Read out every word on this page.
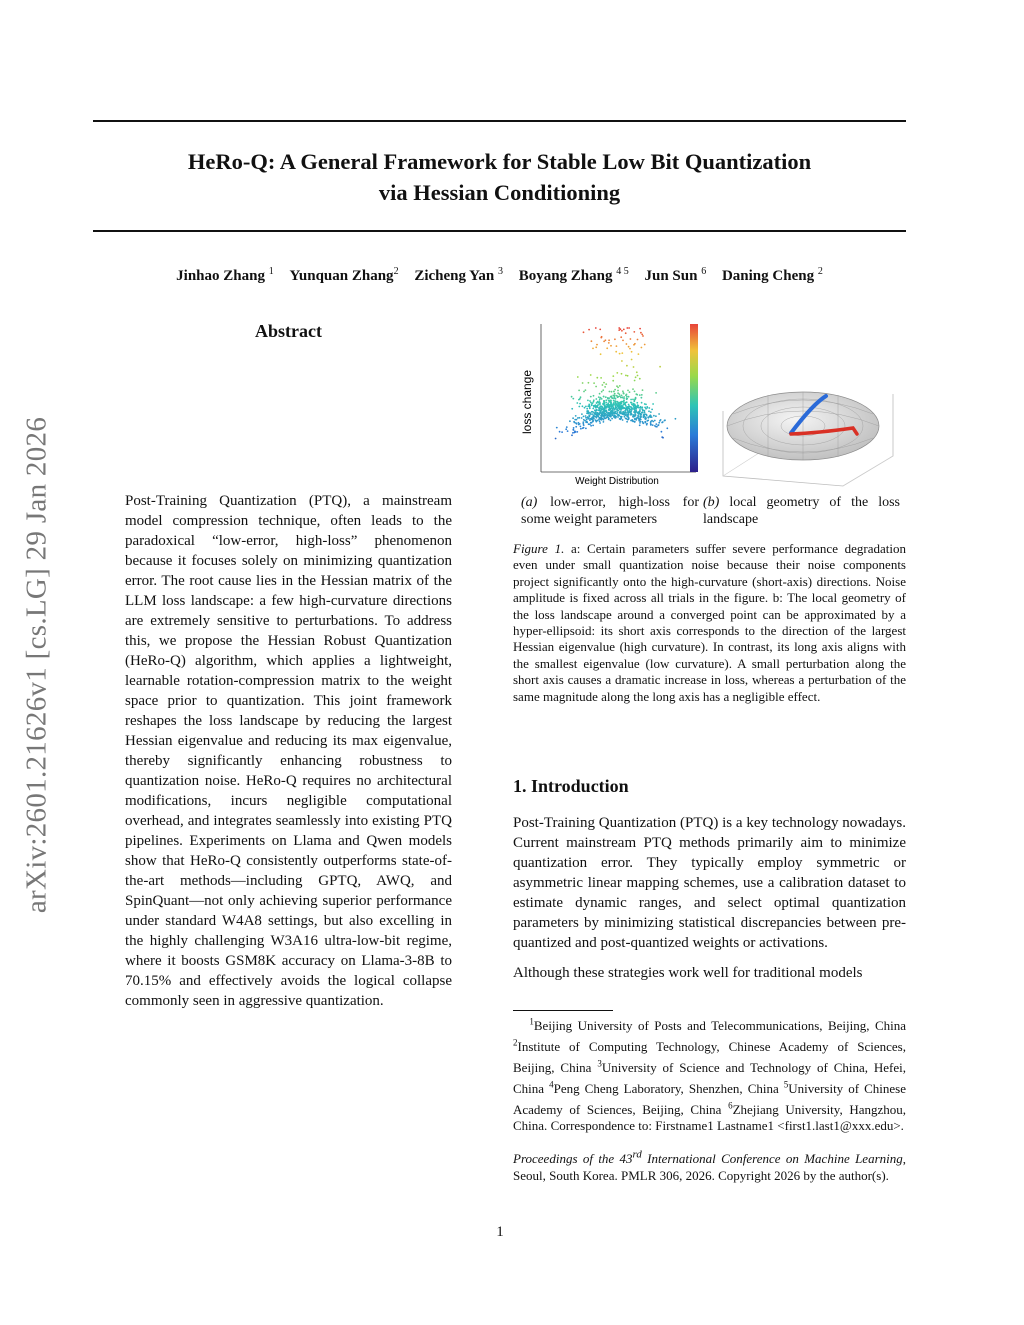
arXiv:2601.21626v1 [cs.LG] 29 Jan 2026
HeRo-Q: A General Framework for Stable Low Bit Quantization
via Hessian Conditioning
Jinhao Zhang $^1$ Yunquan Zhang$^2$ Zicheng Yan $^3$ Boyang Zhang $^{4 5}$ Jun Sun $^6$ Daning Cheng $^2$
Abstract
Post-Training Quantization (PTQ), a mainstream model compression technique, often leads to the paradoxical “low-error, high-loss” phenomenon because it focuses solely on minimizing quantization error. The root cause lies in the Hessian matrix of the LLM loss landscape: a few high-curvature directions are extremely sensitive to perturbations. To address this, we propose the Hessian Robust Quantization (HeRo-Q) algorithm, which applies a lightweight, learnable rotation-compression matrix to the weight space prior to quantization. This joint framework reshapes the loss landscape by reducing the largest Hessian eigenvalue and reducing its max eigenvalue, thereby significantly enhancing robustness to quantization noise. HeRo-Q requires no architectural modifications, incurs negligible computational overhead, and integrates seamlessly into existing PTQ pipelines. Experiments on Llama and Qwen models show that HeRo-Q consistently outperforms state-of-the-art methods—including GPTQ, AWQ, and SpinQuant—not only achieving superior performance under standard W4A8 settings, but also excelling in the highly challenging W3A16 ultra-low-bit regime, where it boosts GSM8K accuracy on Llama-3-8B to 70.15% and effectively avoids the logical collapse commonly seen in aggressive quantization.
loss change
Weight Distribution
(a) low-error, high-loss for some weight parameters
(b) local geometry of the loss landscape
Figure 1. a: Certain parameters suffer severe performance degradation even under small quantization noise because their noise components project significantly onto the high-curvature (short-axis) directions. Noise amplitude is fixed across all trials in the figure. b: The local geometry of the loss landscape around a converged point can be approximated by a hyper-ellipsoid: its short axis corresponds to the direction of the largest Hessian eigenvalue (high curvature). In contrast, its long axis aligns with the smallest eigenvalue (low curvature). A small perturbation along the short axis causes a dramatic increase in loss, whereas a perturbation of the same magnitude along the long axis has a negligible effect.
1. Introduction

Post-Training Quantization (PTQ) is a key technology nowadays. Current mainstream PTQ methods primarily aim to minimize quantization error. They typically employ symmetric or asymmetric linear mapping schemes, use a calibration dataset to estimate dynamic ranges, and select optimal quantization parameters by minimizing statistical discrepancies between pre-quantized and post-quantized weights or activations.

Although these strategies work well for traditional models

$^1$Beijing University of Posts and Telecommunications, Beijing, China $^2$Institute of Computing Technology, Chinese Academy of Sciences, Beijing, China $^3$University of Science and Technology of China, Hefei, China $^4$Peng Cheng Laboratory, Shenzhen, China $^5$University of Chinese Academy of Sciences, Beijing, China $^6$Zhejiang University, Hangzhou, China. Correspondence to: Firstname1 Lastname1 <first1.last1@xxx.edu>.
Proceedings of the 43rd International Conference on Machine Learning, Seoul, South Korea. PMLR 306, 2026. Copyright 2026 by the author(s).
1
